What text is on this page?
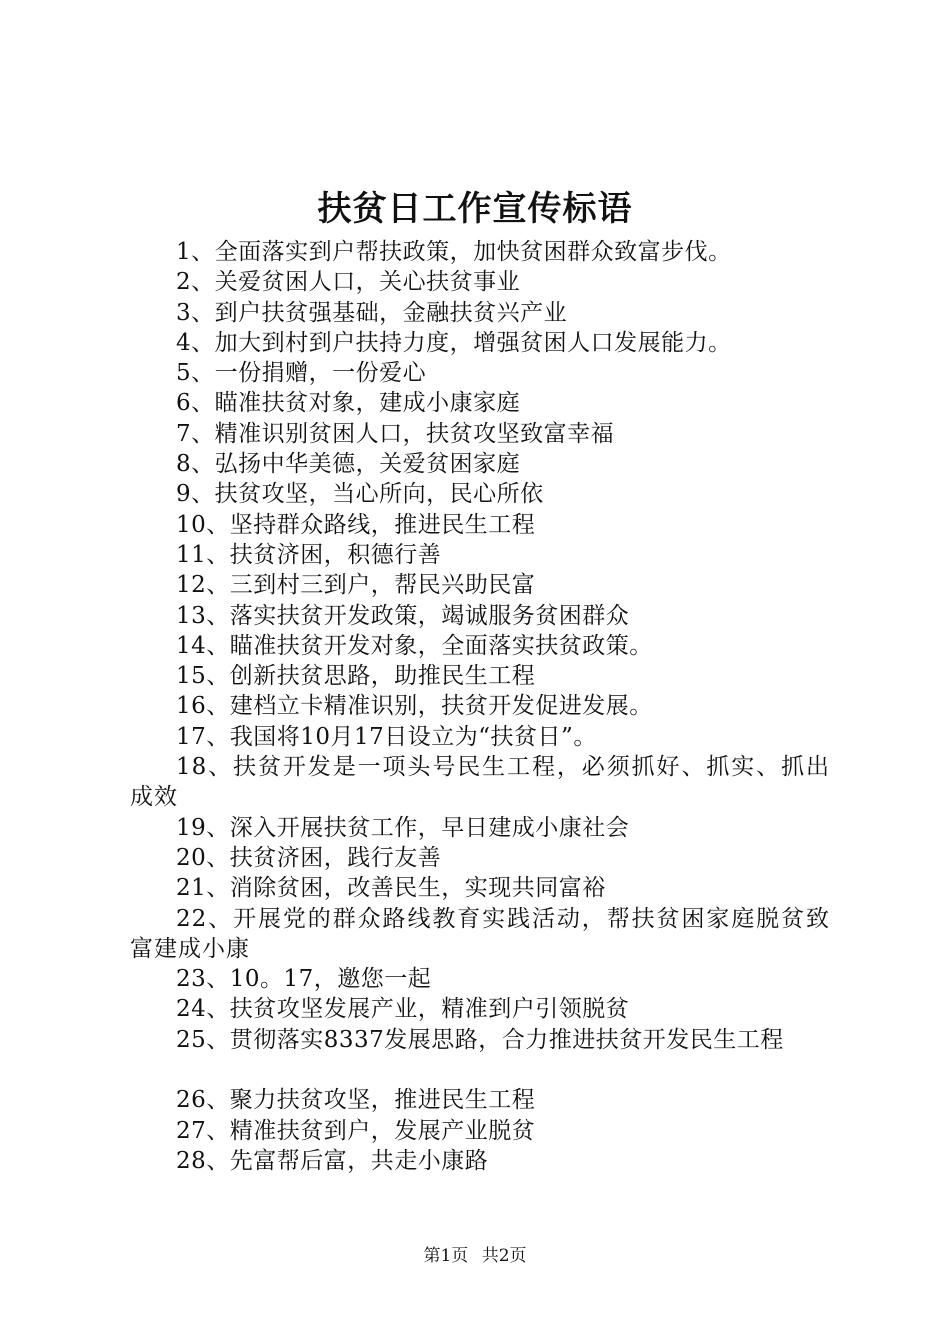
扶贫日工作宣传标语
1、全面落实到户帮扶政策，加快贫困群众致富步伐。
2、关爱贫困人口，关心扶贫事业
3、到户扶贫强基础，金融扶贫兴产业
4、加大到村到户扶持力度，增强贫困人口发展能力。
5、一份捐赠，一份爱心
6、瞄准扶贫对象，建成小康家庭
7、精准识别贫困人口，扶贫攻坚致富幸福
8、弘扬中华美德，关爱贫困家庭
9、扶贫攻坚，当心所向，民心所依
10、坚持群众路线，推进民生工程
11、扶贫济困，积德行善
12、三到村三到户，帮民兴助民富
13、落实扶贫开发政策，竭诚服务贫困群众
14、瞄准扶贫开发对象，全面落实扶贫政策。
15、创新扶贫思路，助推民生工程
16、建档立卡精准识别，扶贫开发促进发展。
17、我国将10月17日设立为“扶贫日”。
18、扶贫开发是一项头号民生工程，必须抓好、抓实、抓出成效
19、深入开展扶贫工作，早日建成小康社会
20、扶贫济困，践行友善
21、消除贫困，改善民生，实现共同富裕
22、开展党的群众路线教育实践活动，帮扶贫困家庭脱贫致富建成小康
23、10。17，邀您一起
24、扶贫攻坚发展产业，精准到户引领脱贫
25、贯彻落实8337发展思路，合力推进扶贫开发民生工程
26、聚力扶贫攻坚，推进民生工程
27、精准扶贫到户，发展产业脱贫
28、先富帮后富，共走小康路
第1页 共2页
